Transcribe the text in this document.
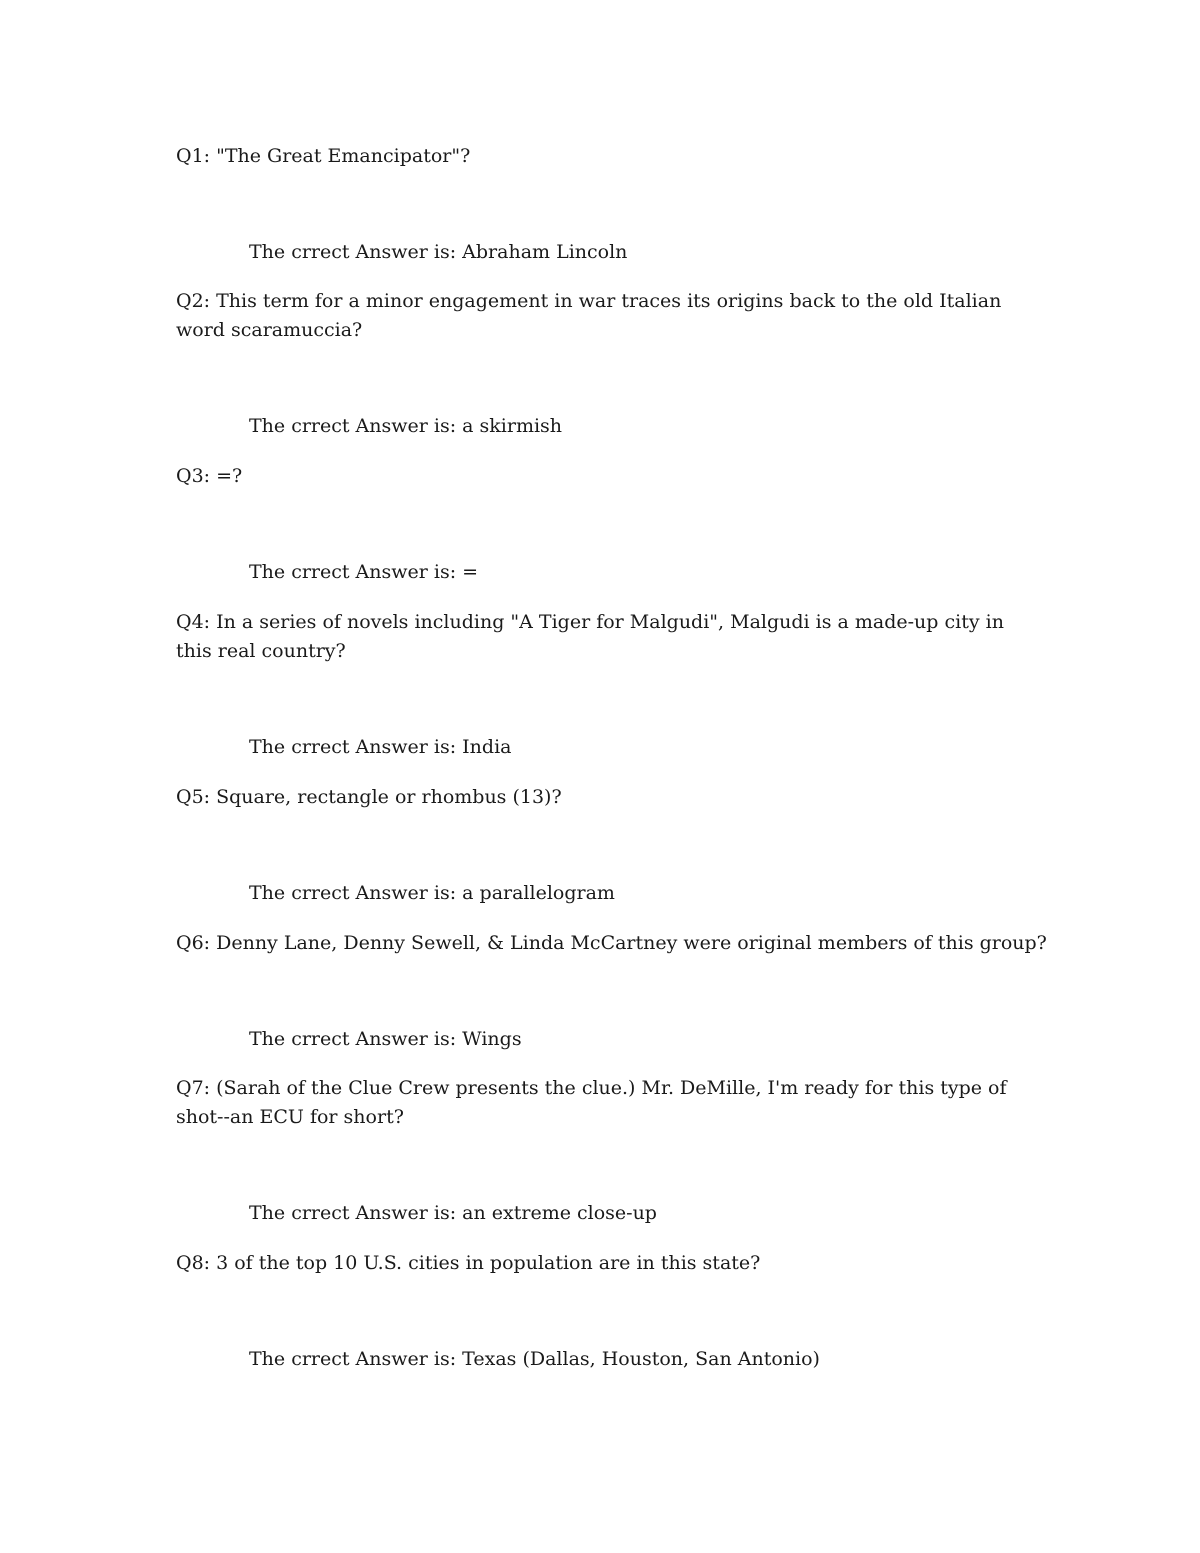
Q1: "The Great Emancipator"?

The crrect Answer is: Abraham Lincoln

Q2: This term for a minor engagement in war traces its origins back to the old Italian word scaramuccia?

The crrect Answer is: a skirmish

Q3: =?

The crrect Answer is: =

Q4: In a series of novels including "A Tiger for Malgudi", Malgudi is a made-up city in this real country?

The crrect Answer is: India

Q5: Square, rectangle or rhombus (13)?

The crrect Answer is: a parallelogram

Q6: Denny Lane, Denny Sewell, & Linda McCartney were original members of this group?

The crrect Answer is: Wings

Q7: (Sarah of the Clue Crew presents the clue.) Mr. DeMille, I'm ready for this type of shot--an ECU for short?

The crrect Answer is: an extreme close-up

Q8: 3 of the top 10 U.S. cities in population are in this state?

The crrect Answer is: Texas (Dallas, Houston, San Antonio)
